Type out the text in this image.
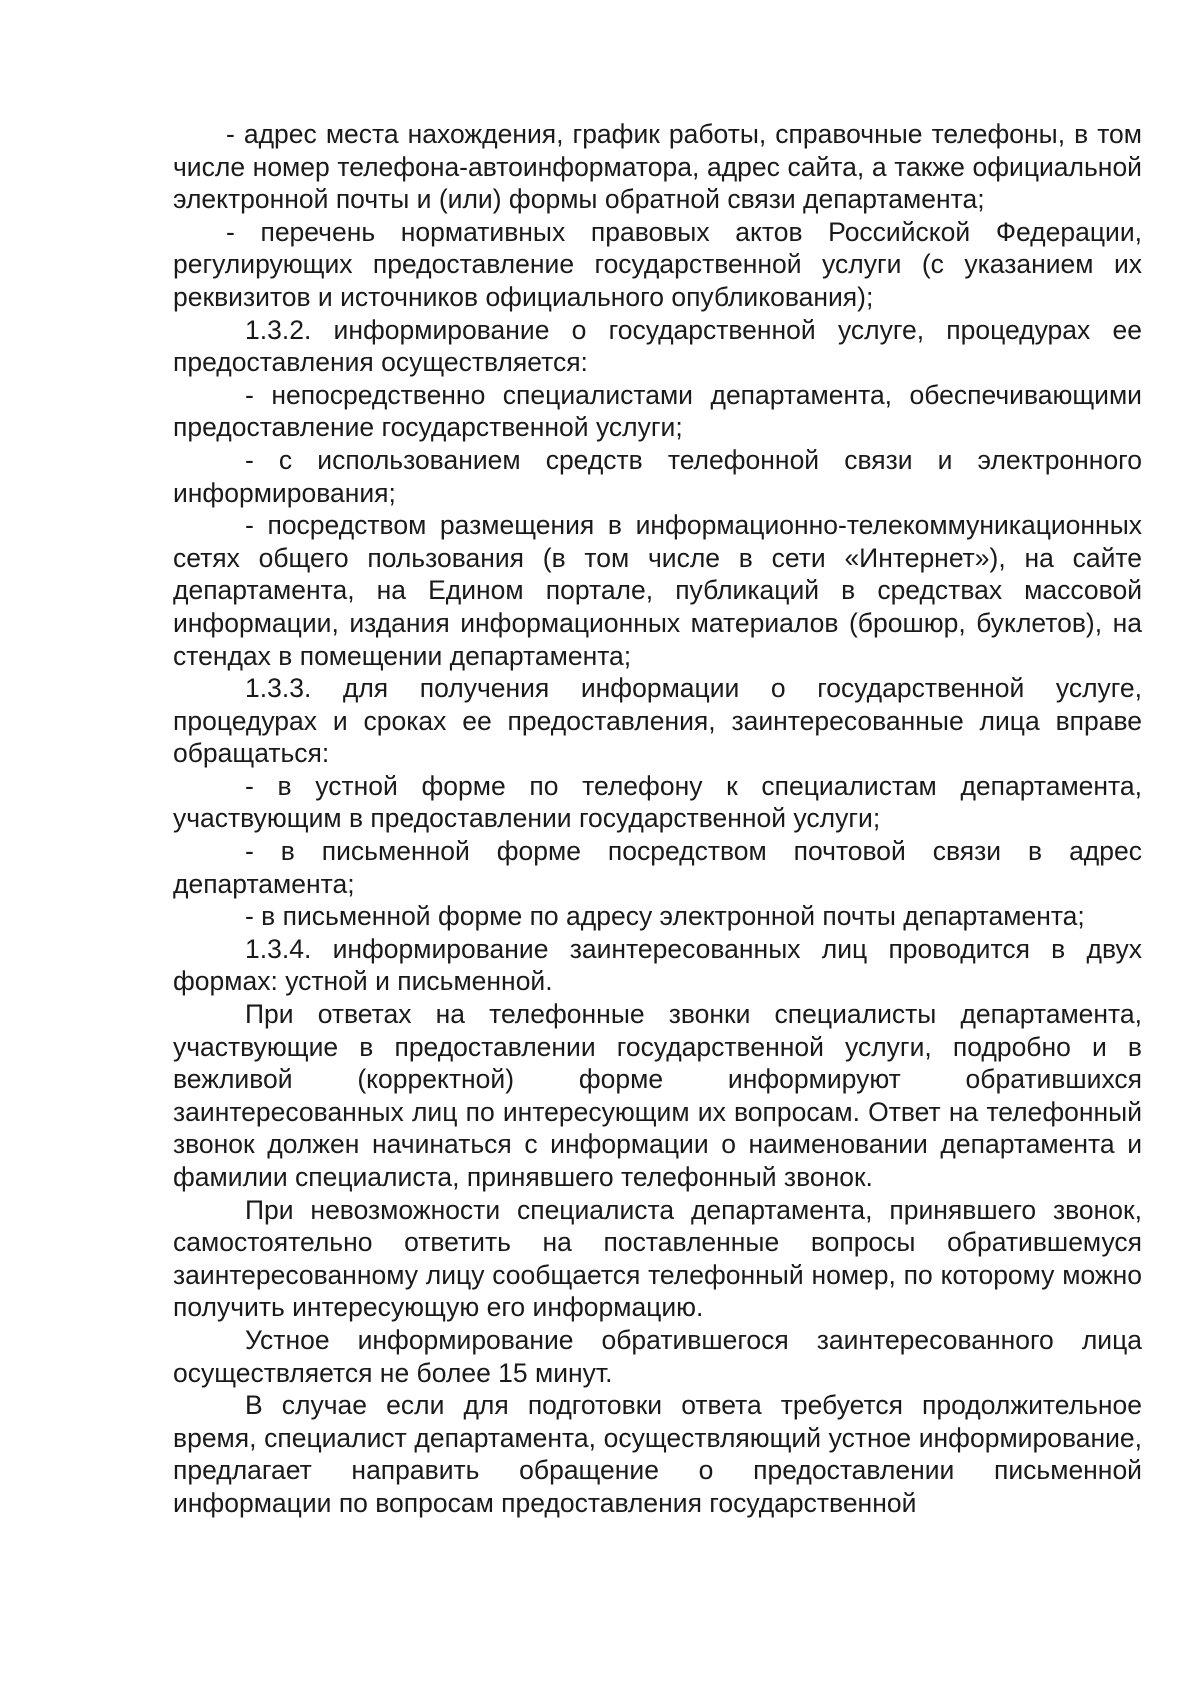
- адрес места нахождения, график работы, справочные телефоны, в том числе номер телефона-автоинформатора, адрес сайта, а также официальной электронной почты и (или) формы обратной связи департамента;

- перечень нормативных правовых актов Российской Федерации, регулирующих предоставление государственной услуги (с указанием их реквизитов и источников официального опубликования);

1.3.2. информирование о государственной услуге, процедурах ее предоставления осуществляется:

- непосредственно специалистами департамента, обеспечивающими предоставление государственной услуги;

- с использованием средств телефонной связи и электронного информирования;

- посредством размещения в информационно-телекоммуникационных сетях общего пользования (в том числе в сети «Интернет»), на сайте департамента, на Едином портале, публикаций в средствах массовой информации, издания информационных материалов (брошюр, буклетов), на стендах в помещении департамента;

1.3.3. для получения информации о государственной услуге, процедурах и сроках ее предоставления, заинтересованные лица вправе обращаться:

- в устной форме по телефону к специалистам департамента, участвующим в предоставлении государственной услуги;

- в письменной форме посредством почтовой связи в адрес департамента;

- в письменной форме по адресу электронной почты департамента;

1.3.4. информирование заинтересованных лиц проводится в двух формах: устной и письменной.

При ответах на телефонные звонки специалисты департамента, участвующие в предоставлении государственной услуги, подробно и в вежливой (корректной) форме информируют обратившихся заинтересованных лиц по интересующим их вопросам. Ответ на телефонный звонок должен начинаться с информации о наименовании департамента и фамилии специалиста, принявшего телефонный звонок.

При невозможности специалиста департамента, принявшего звонок, самостоятельно ответить на поставленные вопросы обратившемуся заинтересованному лицу сообщается телефонный номер, по которому можно получить интересующую его информацию.

Устное информирование обратившегося заинтересованного лица осуществляется не более 15 минут.

В случае если для подготовки ответа требуется продолжительное время, специалист департамента, осуществляющий устное информирование, предлагает направить обращение о предоставлении письменной информации по вопросам предоставления государственной
